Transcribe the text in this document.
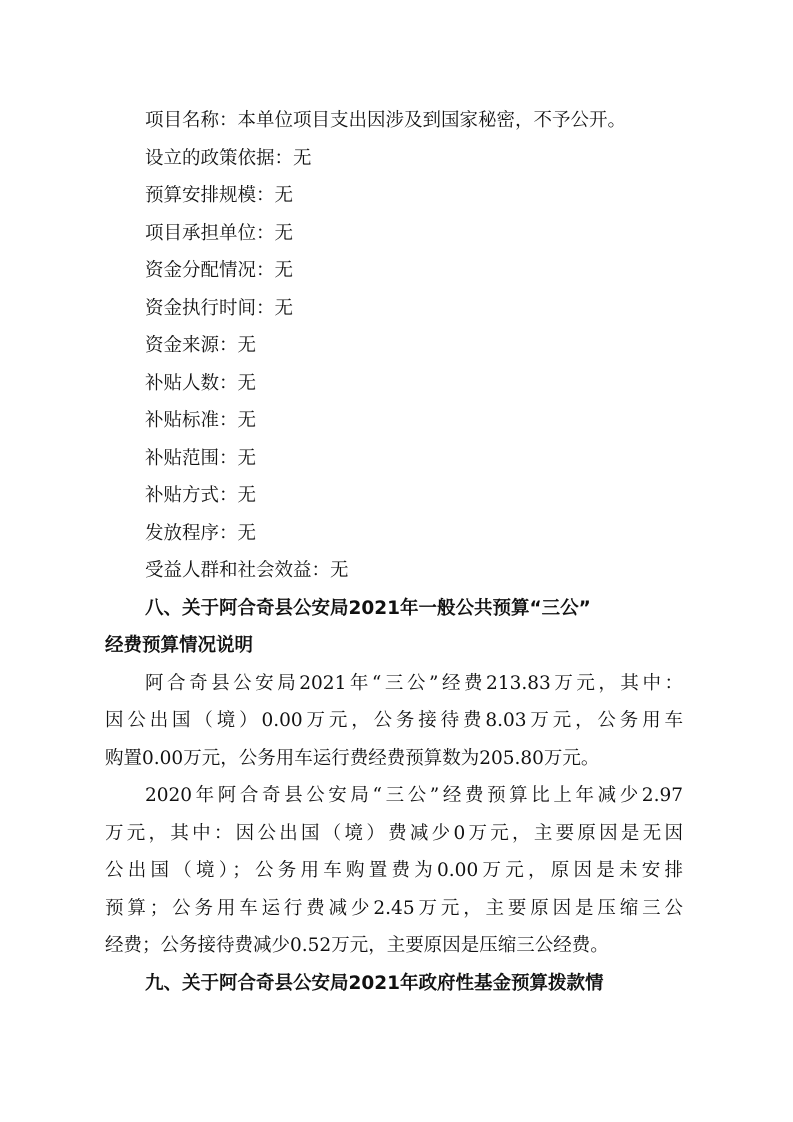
项目名称：本单位项目支出因涉及到国家秘密，不予公开。

设立的政策依据：无

预算安排规模：无

项目承担单位：无

资金分配情况：无

资金执行时间：无

资金来源：无

补贴人数：无

补贴标准：无

补贴范围：无

补贴方式：无

发放程序：无

受益人群和社会效益：无

八、关于阿合奇县公安局2021年一般公共预算“三公”

经费预算情况说明

阿合奇县公安局2021年“三公”经费213.83万元，其中：

因公出国（境）0.00万元，公务接待费8.03万元，公务用车

购置0.00万元，公务用车运行费经费预算数为205.80万元。

2020年阿合奇县公安局“三公”经费预算比上年减少2.97

万元，其中：因公出国（境）费减少0万元，主要原因是无因

公出国（境）；公务用车购置费为0.00万元，原因是未安排

预算；公务用车运行费减少2.45万元，主要原因是压缩三公

经费；公务接待费减少0.52万元，主要原因是压缩三公经费。

九、关于阿合奇县公安局2021年政府性基金预算拨款情
